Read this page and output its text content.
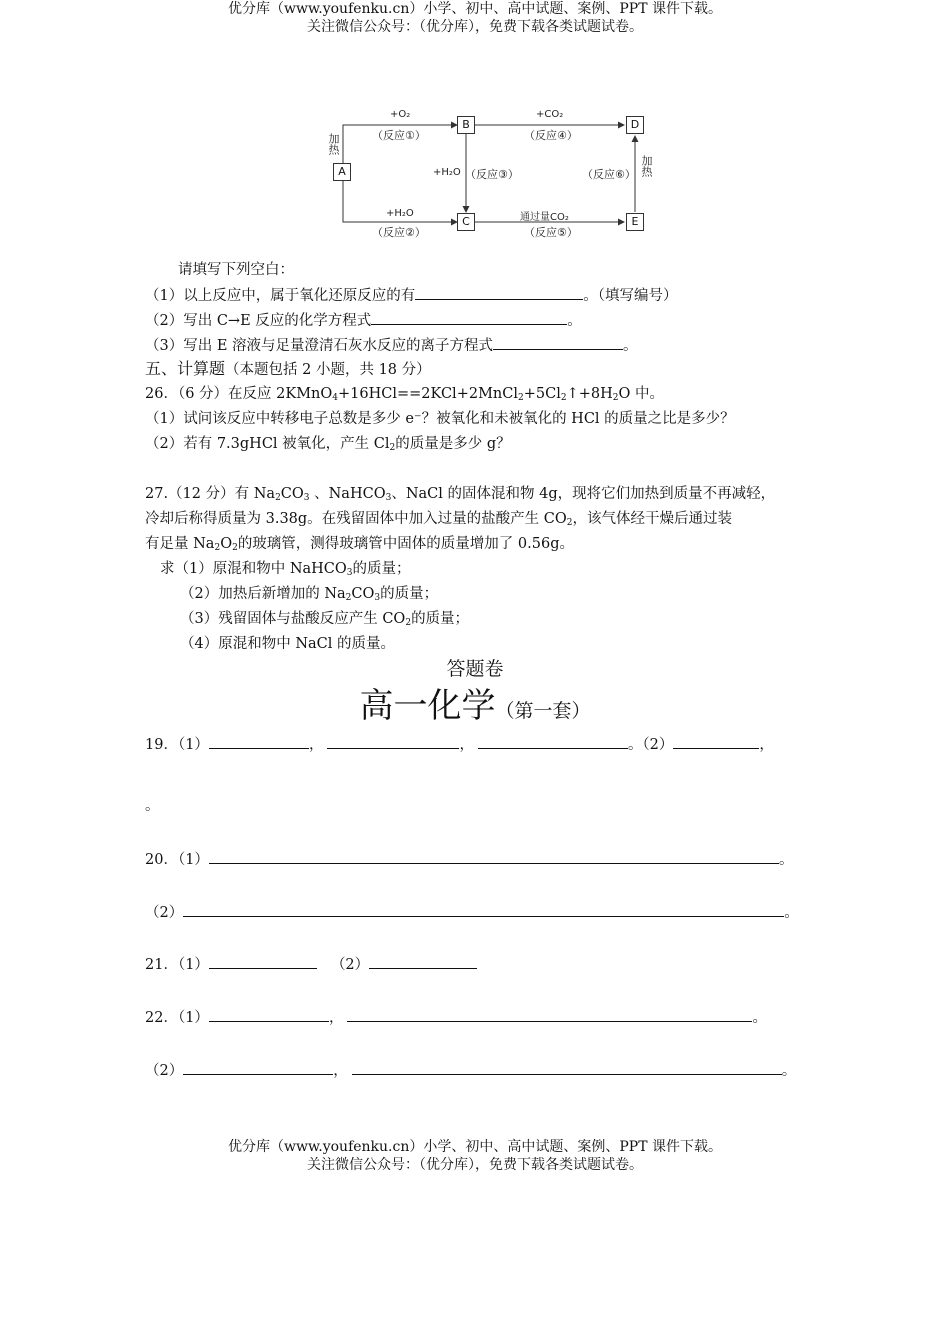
优分库（www.youfenku.cn）小学、初中、高中试题、案例、PPT 课件下载。
关注微信公众号：（优分库），免费下载各类试题试卷。
A
B
C
D
E
加热
加热
+O₂
（反应①）
+CO₂
（反应④）
+H₂O （反应③）	（反应⑥）
+H₂O
（反应②）
通过量CO₂
（反应⑤）
请填写下列空白：
（1）以上反应中，属于氧化还原反应的有	。（填写编号）
（2）写出 C→E 反应的化学方程式	。
（3）写出 E 溶液与足量澄清石灰水反应的离子方程式	。
五、计算题（本题包括 2 小题，共 18 分）
26．（6 分）在反应 $2KMnO_4+16HCl==2KCl+2MnCl_2+5Cl_2↑+8H_2O$ 中。
（1）试问该反应中转移电子总数是多少 e⁻？被氧化和未被氧化的 HCl 的质量之比是多少？
（2）若有 7.3gHCl 被氧化，产生 $Cl_2$的质量是多少 g？
27.（12 分）有 $Na_2CO_3$ 、NaHCO$_3$、NaCl 的固体混和物 4g，现将它们加热到质量不再减轻，
冷却后称得质量为 3.38g。在残留固体中加入过量的盐酸产生 $CO_2$，该气体经干燥后通过装
有足量 $Na_2O_2$的玻璃管，测得玻璃管中固体的质量增加了 0.56g。
求（1）原混和物中 NaHCO$_3$的质量；
（2）加热后新增加的 $Na_2CO_3$的质量；
（3）残留固体与盐酸反应产生 $CO_2$的质量；
（4）原混和物中 NaCl 的质量。
答题卷
高一化学（第一套）
19．（1）	，	，	。（2）	，
。
20．（1）	。
（2）	。
21．（1）	（2）
22．（1）	，	。
（2）	，	。
优分库（www.youfenku.cn）小学、初中、高中试题、案例、PPT 课件下载。
关注微信公众号：（优分库），免费下载各类试题试卷。
